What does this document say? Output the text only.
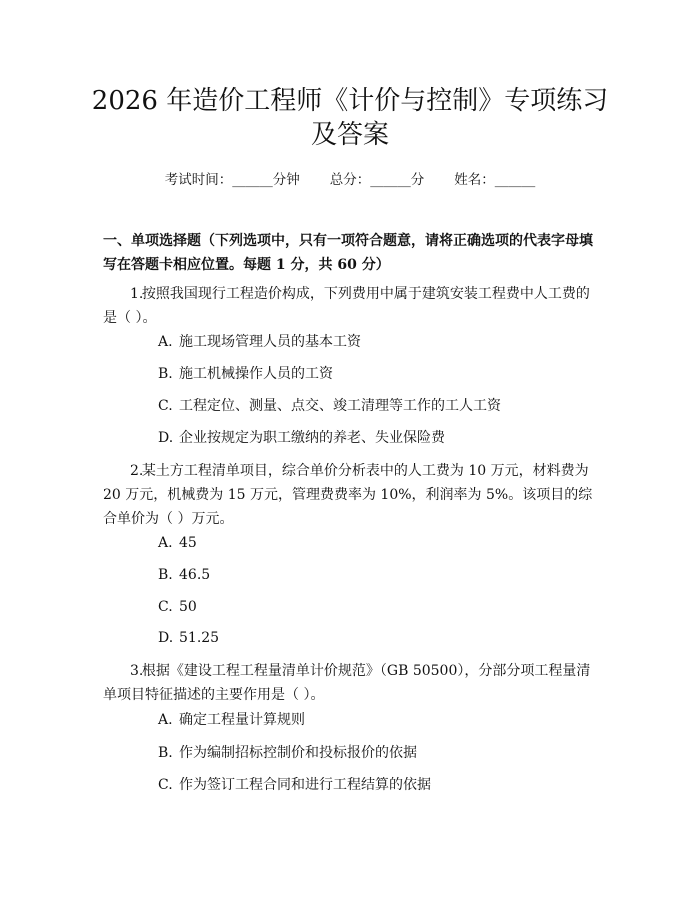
2026 年造价工程师《计价与控制》专项练习
及答案
考试时间：______分钟 总分：______分 姓名：______
一、单项选择题（下列选项中，只有一项符合题意，请将正确选项的代表字母填写在答题卡相应位置。每题 1 分，共 60 分）
1.  按照我国现行工程造价构成，下列费用中属于建筑安装工程费中人工费的是（ ）。
A. 施工现场管理人员的基本工资
B. 施工机械操作人员的工资
C. 工程定位、测量、点交、竣工清理等工作的工人工资
D. 企业按规定为职工缴纳的养老、失业保险费
2.  某土方工程清单项目，综合单价分析表中的人工费为 10 万元，材料费为 20 万元，机械费为 15 万元，管理费费率为 10%，利润率为 5%。该项目的综合单价为（ ）万元。
A. 45
B. 46.5
C. 50
D. 51.25
3.  根据《建设工程工程量清单计价规范》（GB 50500），分部分项工程量清单项目特征描述的主要作用是（ ）。
A. 确定工程量计算规则
B. 作为编制招标控制价和投标报价的依据
C. 作为签订工程合同和进行工程结算的依据
